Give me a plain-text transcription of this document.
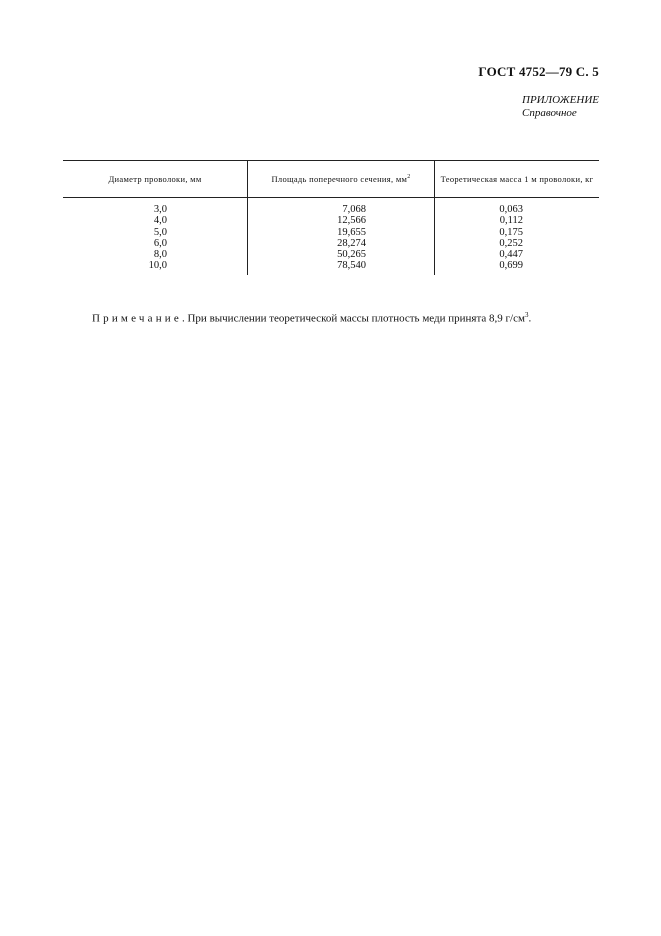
ГОСТ 4752—79 С. 5
ПРИЛОЖЕНИЕ
Справочное
Диаметр проволоки, мм	Площадь поперечного сечения, $мм^2$	Теоретическая масса 1 м проволоки, кг
3,0	7,068	0,063
4,0	12,566	0,112
5,0	19,655	0,175
6,0	28,274	0,252
8,0	50,265	0,447
10,0	78,540	0,699
Примечание. При вычислении теоретической массы плотность меди принята 8,9 $г/см^3$.
